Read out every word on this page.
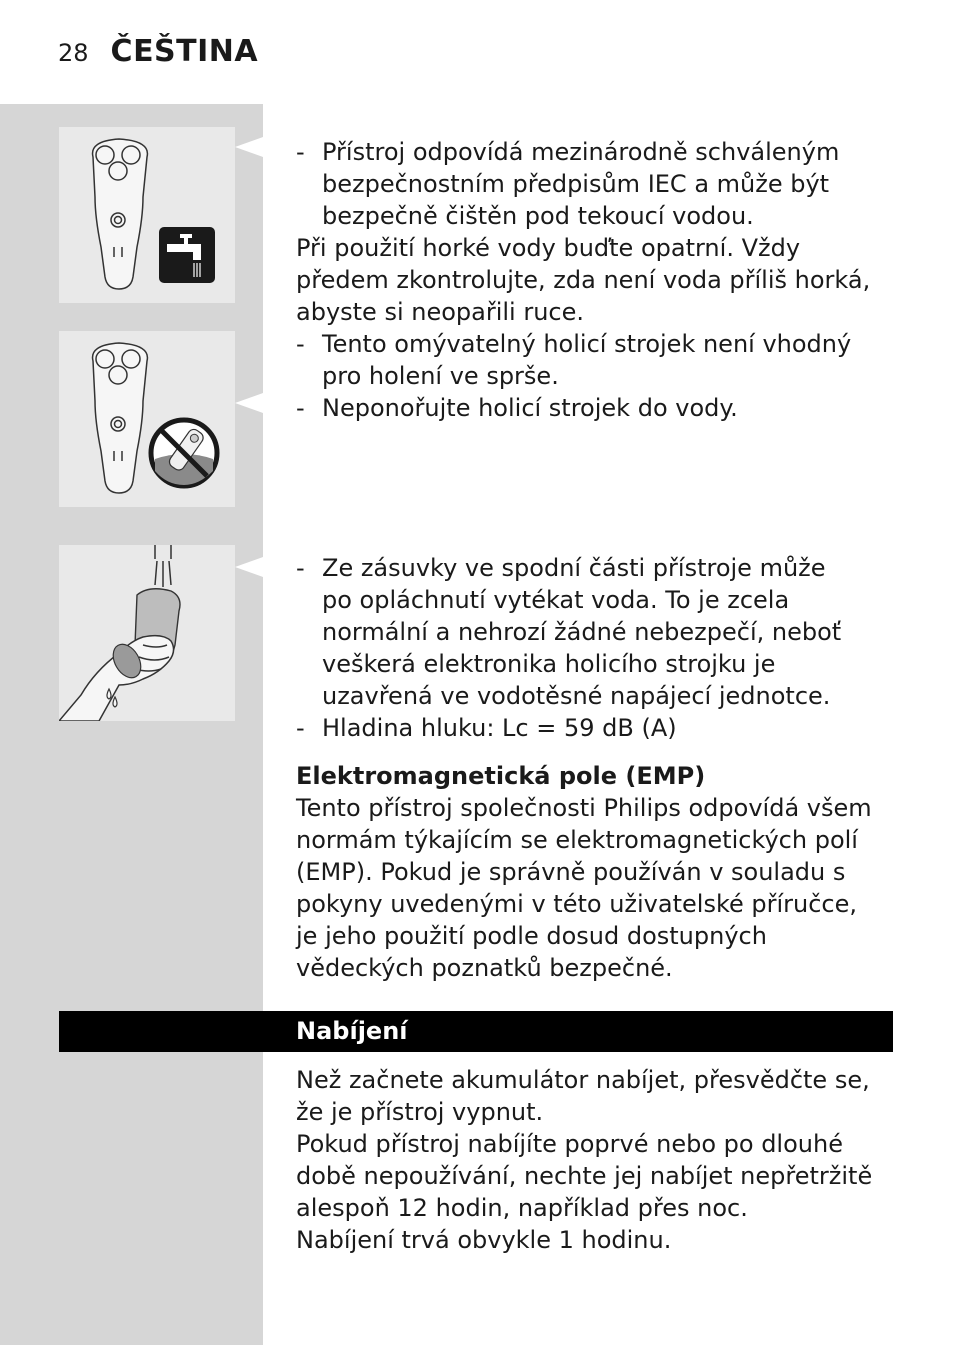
28 ČEŠTINA

- Přístroj odpovídá mezinárodně schváleným bezpečnostním předpisům IEC a může být bezpečně čištěn pod tekoucí vodou.

Při použití horké vody buďte opatrní. Vždy předem zkontrolujte, zda není voda příliš horká, abyste si neopařili ruce.

- Tento omývatelný holicí strojek není vhodný pro holení ve sprše.

- Neponořujte holicí strojek do vody.

- Ze zásuvky ve spodní části přístroje může po opláchnutí vytékat voda. To je zcela normální a nehrozí žádné nebezpečí, neboť veškerá elektronika holicího strojku je uzavřená ve vodotěsné napájecí jednotce.

- Hladina hluku: Lc = 59 dB (A)

Elektromagnetická pole (EMP)

Tento přístroj společnosti Philips odpovídá všem normám týkajícím se elektromagnetických polí (EMP). Pokud je správně používán v souladu s pokyny uvedenými v této uživatelské příručce, je jeho použití podle dosud dostupných vědeckých poznatků bezpečné.

Nabíjení

Než začnete akumulátor nabíjet, přesvědčte se, že je přístroj vypnut.

Pokud přístroj nabíjíte poprvé nebo po dlouhé době nepoužívání, nechte jej nabíjet nepřetržitě alespoň 12 hodin, například přes noc.

Nabíjení trvá obvykle 1 hodinu.
